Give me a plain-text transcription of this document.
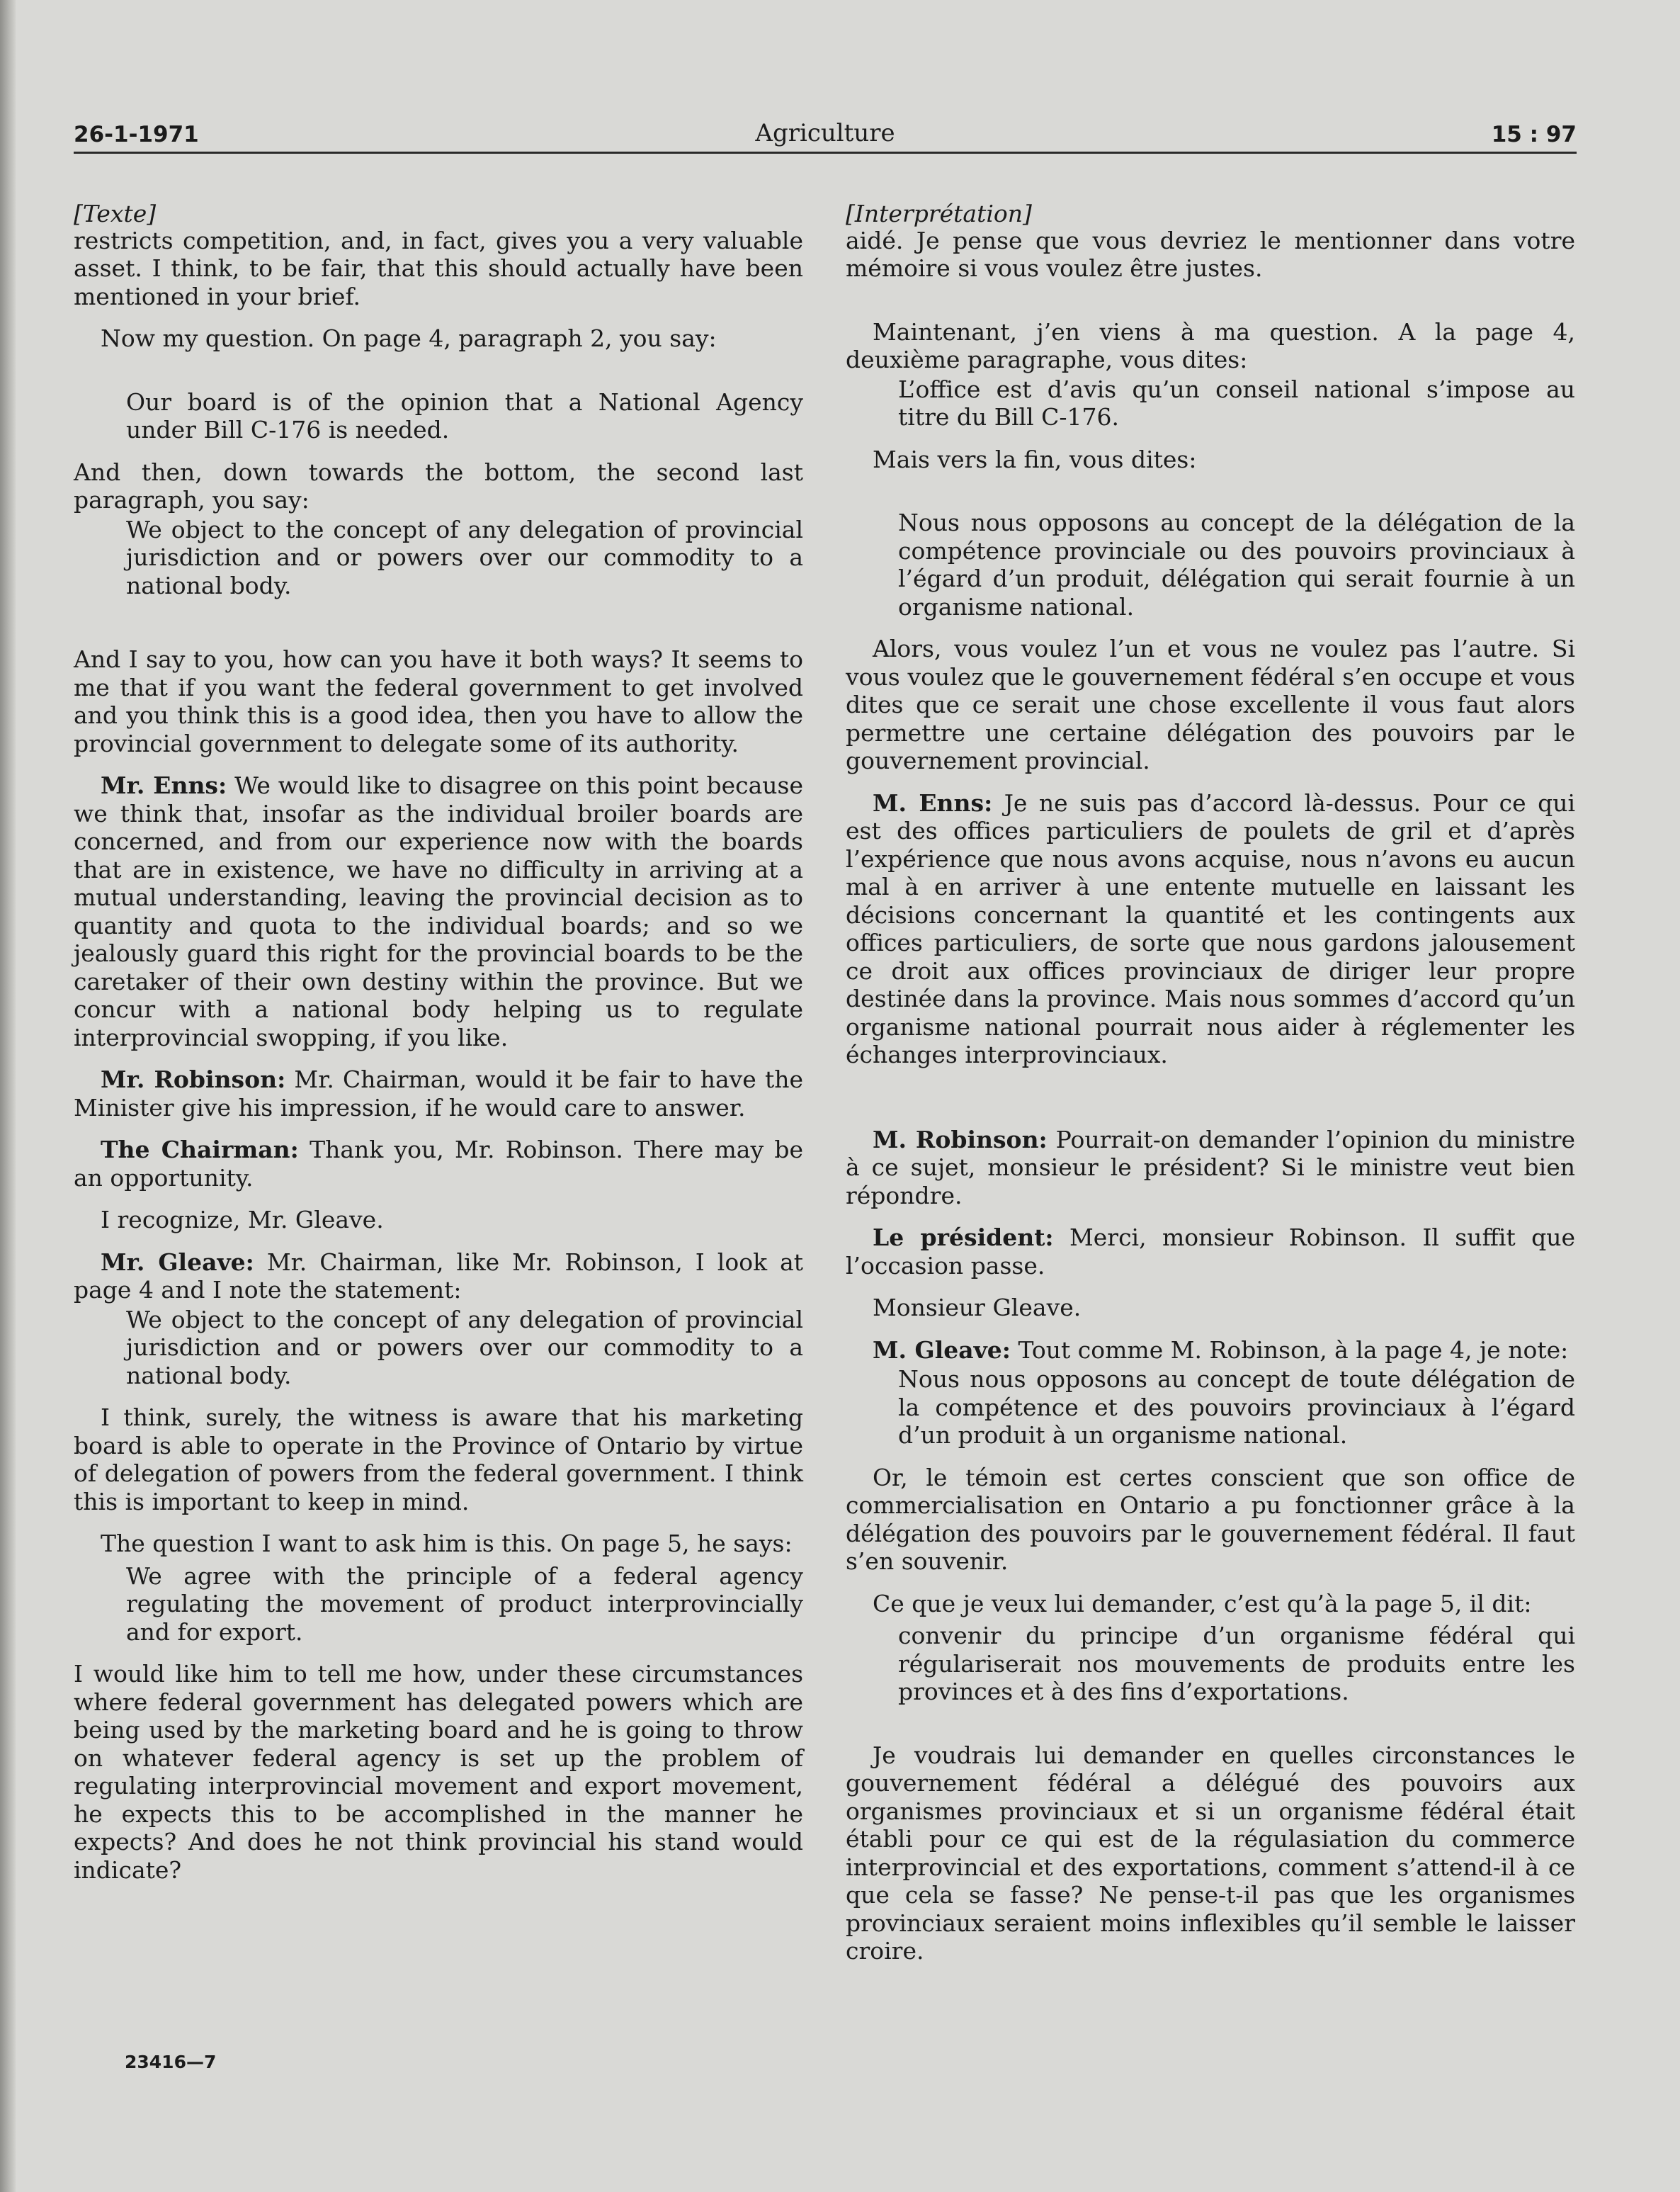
26-1-1971	Agriculture	15 : 97
[Texte]

restricts competition, and, in fact, gives you a very valuable asset. I think, to be fair, that this should actually have been mentioned in your brief.

Now my question. On page 4, paragraph 2, you say:

Our board is of the opinion that a National Agency under Bill C-176 is needed.

And then, down towards the bottom, the second last paragraph, you say:

We object to the concept of any delegation of provincial jurisdiction and or powers over our commodity to a national body.

And I say to you, how can you have it both ways? It seems to me that if you want the federal government to get involved and you think this is a good idea, then you have to allow the provincial government to delegate some of its authority.

Mr. Enns: We would like to disagree on this point because we think that, insofar as the individual broiler boards are concerned, and from our experience now with the boards that are in existence, we have no difficulty in arriving at a mutual understanding, leaving the provincial decision as to quantity and quota to the individual boards; and so we jealously guard this right for the provincial boards to be the caretaker of their own destiny within the province. But we concur with a national body helping us to regulate interprovincial swopping, if you like.

Mr. Robinson: Mr. Chairman, would it be fair to have the Minister give his impression, if he would care to answer.

The Chairman: Thank you, Mr. Robinson. There may be an opportunity.

I recognize, Mr. Gleave.

Mr. Gleave: Mr. Chairman, like Mr. Robinson, I look at page 4 and I note the statement:

We object to the concept of any delegation of provincial jurisdiction and or powers over our commodity to a national body.

I think, surely, the witness is aware that his marketing board is able to operate in the Province of Ontario by virtue of delegation of powers from the federal government. I think this is important to keep in mind.

The question I want to ask him is this. On page 5, he says:

We agree with the principle of a federal agency regulating the movement of product interprovincially and for export.

I would like him to tell me how, under these circumstances where federal government has delegated powers which are being used by the marketing board and he is going to throw on whatever federal agency is set up the problem of regulating interprovincial movement and export movement, he expects this to be accomplished in the manner he expects? And does he not think provincial his stand would indicate?

[Interprétation]

aidé. Je pense que vous devriez le mentionner dans votre mémoire si vous voulez être justes.

Maintenant, j’en viens à ma question. A la page 4, deuxième paragraphe, vous dites:

L’office est d’avis qu’un conseil national s’impose au titre du Bill C-176.

Mais vers la fin, vous dites:

Nous nous opposons au concept de la délégation de la compétence provinciale ou des pouvoirs provinciaux à l’égard d’un produit, délégation qui serait fournie à un organisme national.

Alors, vous voulez l’un et vous ne voulez pas l’autre. Si vous voulez que le gouvernement fédéral s’en occupe et vous dites que ce serait une chose excellente il vous faut alors permettre une certaine délégation des pouvoirs par le gouvernement provincial.

M. Enns: Je ne suis pas d’accord là-dessus. Pour ce qui est des offices particuliers de poulets de gril et d’après l’expérience que nous avons acquise, nous n’avons eu aucun mal à en arriver à une entente mutuelle en laissant les décisions concernant la quantité et les contingents aux offices particuliers, de sorte que nous gardons jalousement ce droit aux offices provinciaux de diriger leur propre destinée dans la province. Mais nous sommes d’accord qu’un organisme national pourrait nous aider à réglementer les échanges interprovinciaux.

M. Robinson: Pourrait-on demander l’opinion du ministre à ce sujet, monsieur le président? Si le ministre veut bien répondre.

Le président: Merci, monsieur Robinson. Il suffit que l’occasion passe.

Monsieur Gleave.

M. Gleave: Tout comme M. Robinson, à la page 4, je note:

Nous nous opposons au concept de toute délégation de la compétence et des pouvoirs provinciaux à l’égard d’un produit à un organisme national.

Or, le témoin est certes conscient que son office de commercialisation en Ontario a pu fonctionner grâce à la délégation des pouvoirs par le gouvernement fédéral. Il faut s’en souvenir.

Ce que je veux lui demander, c’est qu’à la page 5, il dit:

convenir du principe d’un organisme fédéral qui régulariserait nos mouvements de produits entre les provinces et à des fins d’exportations.

Je voudrais lui demander en quelles circonstances le gouvernement fédéral a délégué des pouvoirs aux organismes provinciaux et si un organisme fédéral était établi pour ce qui est de la régulasiation du commerce interprovincial et des exportations, comment s’attend-il à ce que cela se fasse? Ne pense-t-il pas que les organismes provinciaux seraient moins inflexibles qu’il semble le laisser croire.

23416—7
